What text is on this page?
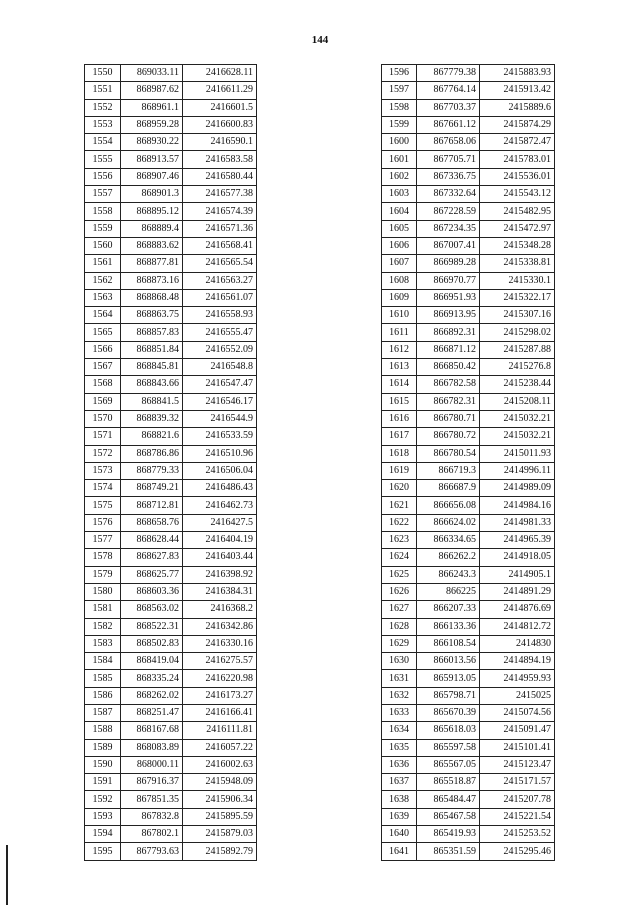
144
1550	869033.11	2416628.11
1551	868987.62	2416611.29
1552	868961.1	2416601.5
1553	868959.28	2416600.83
1554	868930.22	2416590.1
1555	868913.57	2416583.58
1556	868907.46	2416580.44
1557	868901.3	2416577.38
1558	868895.12	2416574.39
1559	868889.4	2416571.36
1560	868883.62	2416568.41
1561	868877.81	2416565.54
1562	868873.16	2416563.27
1563	868868.48	2416561.07
1564	868863.75	2416558.93
1565	868857.83	2416555.47
1566	868851.84	2416552.09
1567	868845.81	2416548.8
1568	868843.66	2416547.47
1569	868841.5	2416546.17
1570	868839.32	2416544.9
1571	868821.6	2416533.59
1572	868786.86	2416510.96
1573	868779.33	2416506.04
1574	868749.21	2416486.43
1575	868712.81	2416462.73
1576	868658.76	2416427.5
1577	868628.44	2416404.19
1578	868627.83	2416403.44
1579	868625.77	2416398.92
1580	868603.36	2416384.31
1581	868563.02	2416368.2
1582	868522.31	2416342.86
1583	868502.83	2416330.16
1584	868419.04	2416275.57
1585	868335.24	2416220.98
1586	868262.02	2416173.27
1587	868251.47	2416166.41
1588	868167.68	2416111.81
1589	868083.89	2416057.22
1590	868000.11	2416002.63
1591	867916.37	2415948.09
1592	867851.35	2415906.34
1593	867832.8	2415895.59
1594	867802.1	2415879.03
1595	867793.63	2415892.79
1596	867779.38	2415883.93
1597	867764.14	2415913.42
1598	867703.37	2415889.6
1599	867661.12	2415874.29
1600	867658.06	2415872.47
1601	867705.71	2415783.01
1602	867336.75	2415536.01
1603	867332.64	2415543.12
1604	867228.59	2415482.95
1605	867234.35	2415472.97
1606	867007.41	2415348.28
1607	866989.28	2415338.81
1608	866970.77	2415330.1
1609	866951.93	2415322.17
1610	866913.95	2415307.16
1611	866892.31	2415298.02
1612	866871.12	2415287.88
1613	866850.42	2415276.8
1614	866782.58	2415238.44
1615	866782.31	2415208.11
1616	866780.71	2415032.21
1617	866780.72	2415032.21
1618	866780.54	2415011.93
1619	866719.3	2414996.11
1620	866687.9	2414989.09
1621	866656.08	2414984.16
1622	866624.02	2414981.33
1623	866334.65	2414965.39
1624	866262.2	2414918.05
1625	866243.3	2414905.1
1626	866225	2414891.29
1627	866207.33	2414876.69
1628	866133.36	2414812.72
1629	866108.54	2414830
1630	866013.56	2414894.19
1631	865913.05	2414959.93
1632	865798.71	2415025
1633	865670.39	2415074.56
1634	865618.03	2415091.47
1635	865597.58	2415101.41
1636	865567.05	2415123.47
1637	865518.87	2415171.57
1638	865484.47	2415207.78
1639	865467.58	2415221.54
1640	865419.93	2415253.52
1641	865351.59	2415295.46
